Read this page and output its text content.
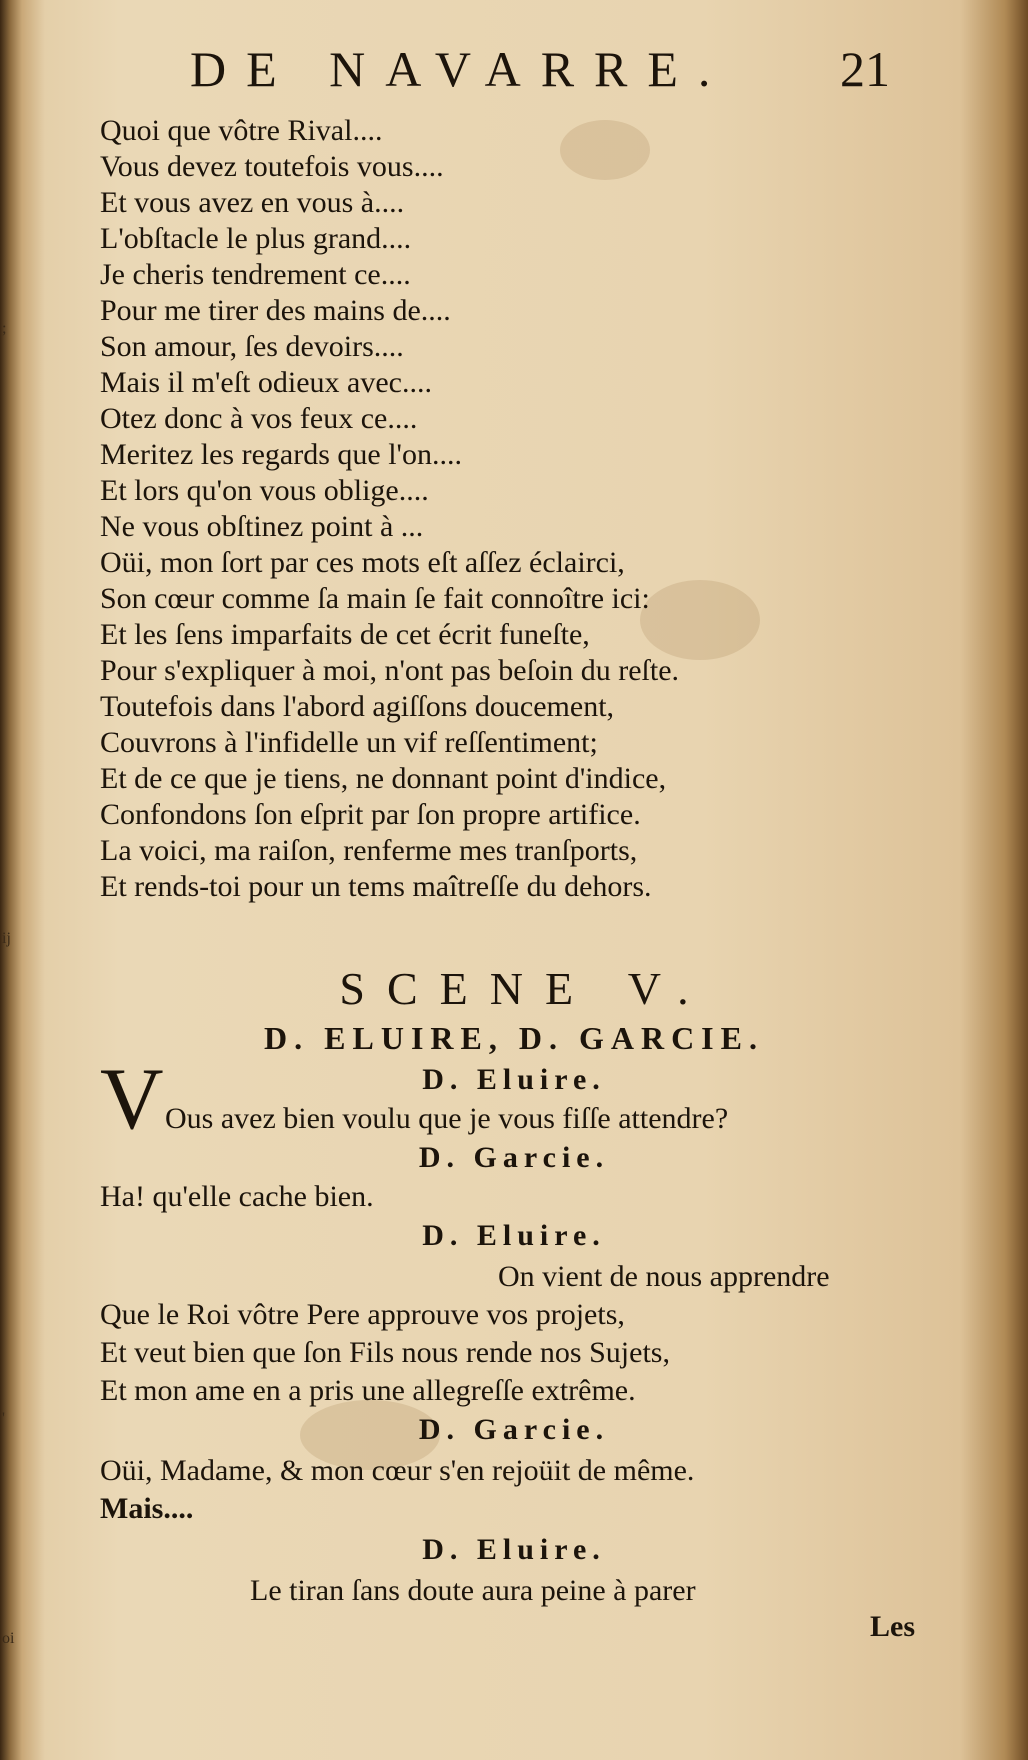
;
ij
'
oi
DE NAVARRE. 21
Quoi que vôtre Rival....
Vous devez toutefois vous....
Et vous avez en vous à....
L'obſtacle le plus grand....
Je cheris tendrement ce....
Pour me tirer des mains de....
Son amour, ſes devoirs....
Mais il m'eſt odieux avec....
Otez donc à vos feux ce....
Meritez les regards que l'on....
Et lors qu'on vous oblige....
Ne vous obſtinez point à ...
Oüi, mon ſort par ces mots eſt aſſez éclairci,
Son cœur comme ſa main ſe fait connoître ici:
Et les ſens imparfaits de cet écrit funeſte,
Pour s'expliquer à moi, n'ont pas beſoin du reſte.
Toutefois dans l'abord agiſſons doucement,
Couvrons à l'infidelle un vif reſſentiment;
Et de ce que je tiens, ne donnant point d'indice,
Confondons ſon eſprit par ſon propre artifice.
La voici, ma raiſon, renferme mes tranſports,
Et rends-toi pour un tems maîtreſſe du dehors.
SCENE V.
D. ELUIRE, D. GARCIE.
V	D. Eluire.
Ous avez bien voulu que je vous fiſſe attendre?
D. Garcie.
Ha! qu'elle cache bien.
D. Eluire.
On vient de nous apprendre
Que le Roi vôtre Pere approuve vos projets,
Et veut bien que ſon Fils nous rende nos Sujets,
Et mon ame en a pris une allegreſſe extrême.
D. Garcie.
Oüi, Madame, & mon cœur s'en rejoüit de même.
Mais....
D. Eluire.
Le tiran ſans doute aura peine à parer
Les
